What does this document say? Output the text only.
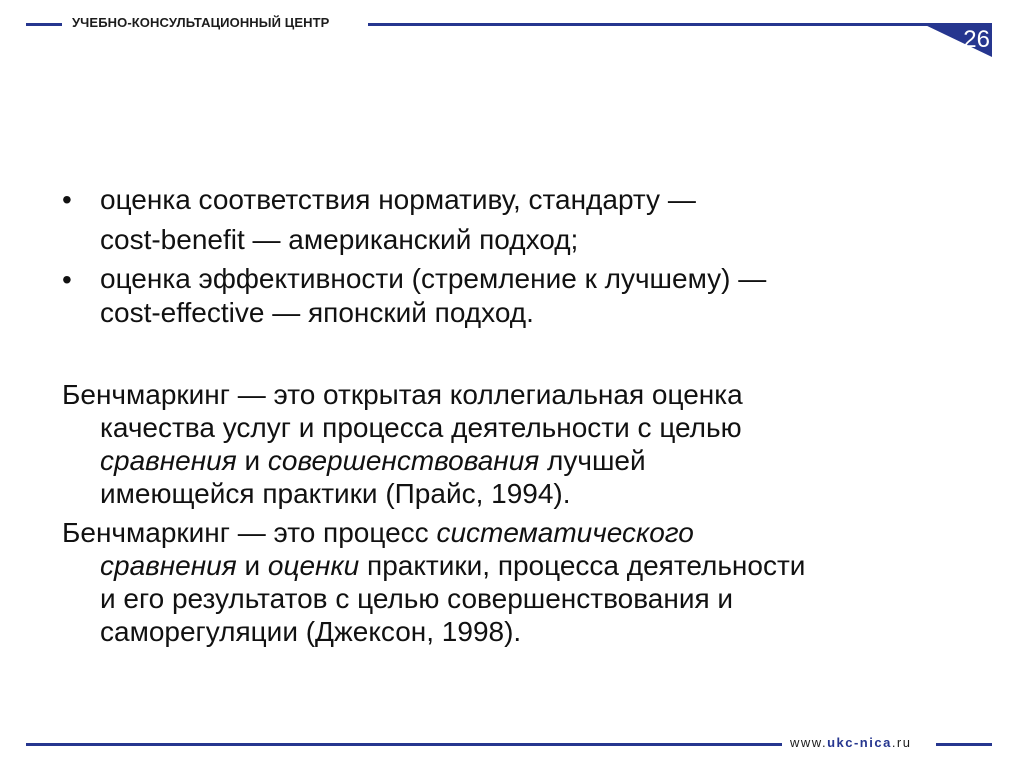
УЧЕБНО-КОНСУЛЬТАЦИОННЫЙ ЦЕНТР
26
• оценка соответствия нормативу, стандарту —
cost-benefit — американский подход;
• оценка эффективности (стремление к лучшему) —
cost-effective — японский подход.
Бенчмаркинг — это открытая коллегиальная оценка
качества услуг и процесса деятельности с целью
сравнения и совершенствования лучшей
имеющейся практики (Прайс, 1994).
Бенчмаркинг — это процесс систематического
сравнения и оценки практики, процесса деятельности
и его результатов с целью совершенствования и
саморегуляции (Джексон, 1998).
www.ukc-nica.ru
